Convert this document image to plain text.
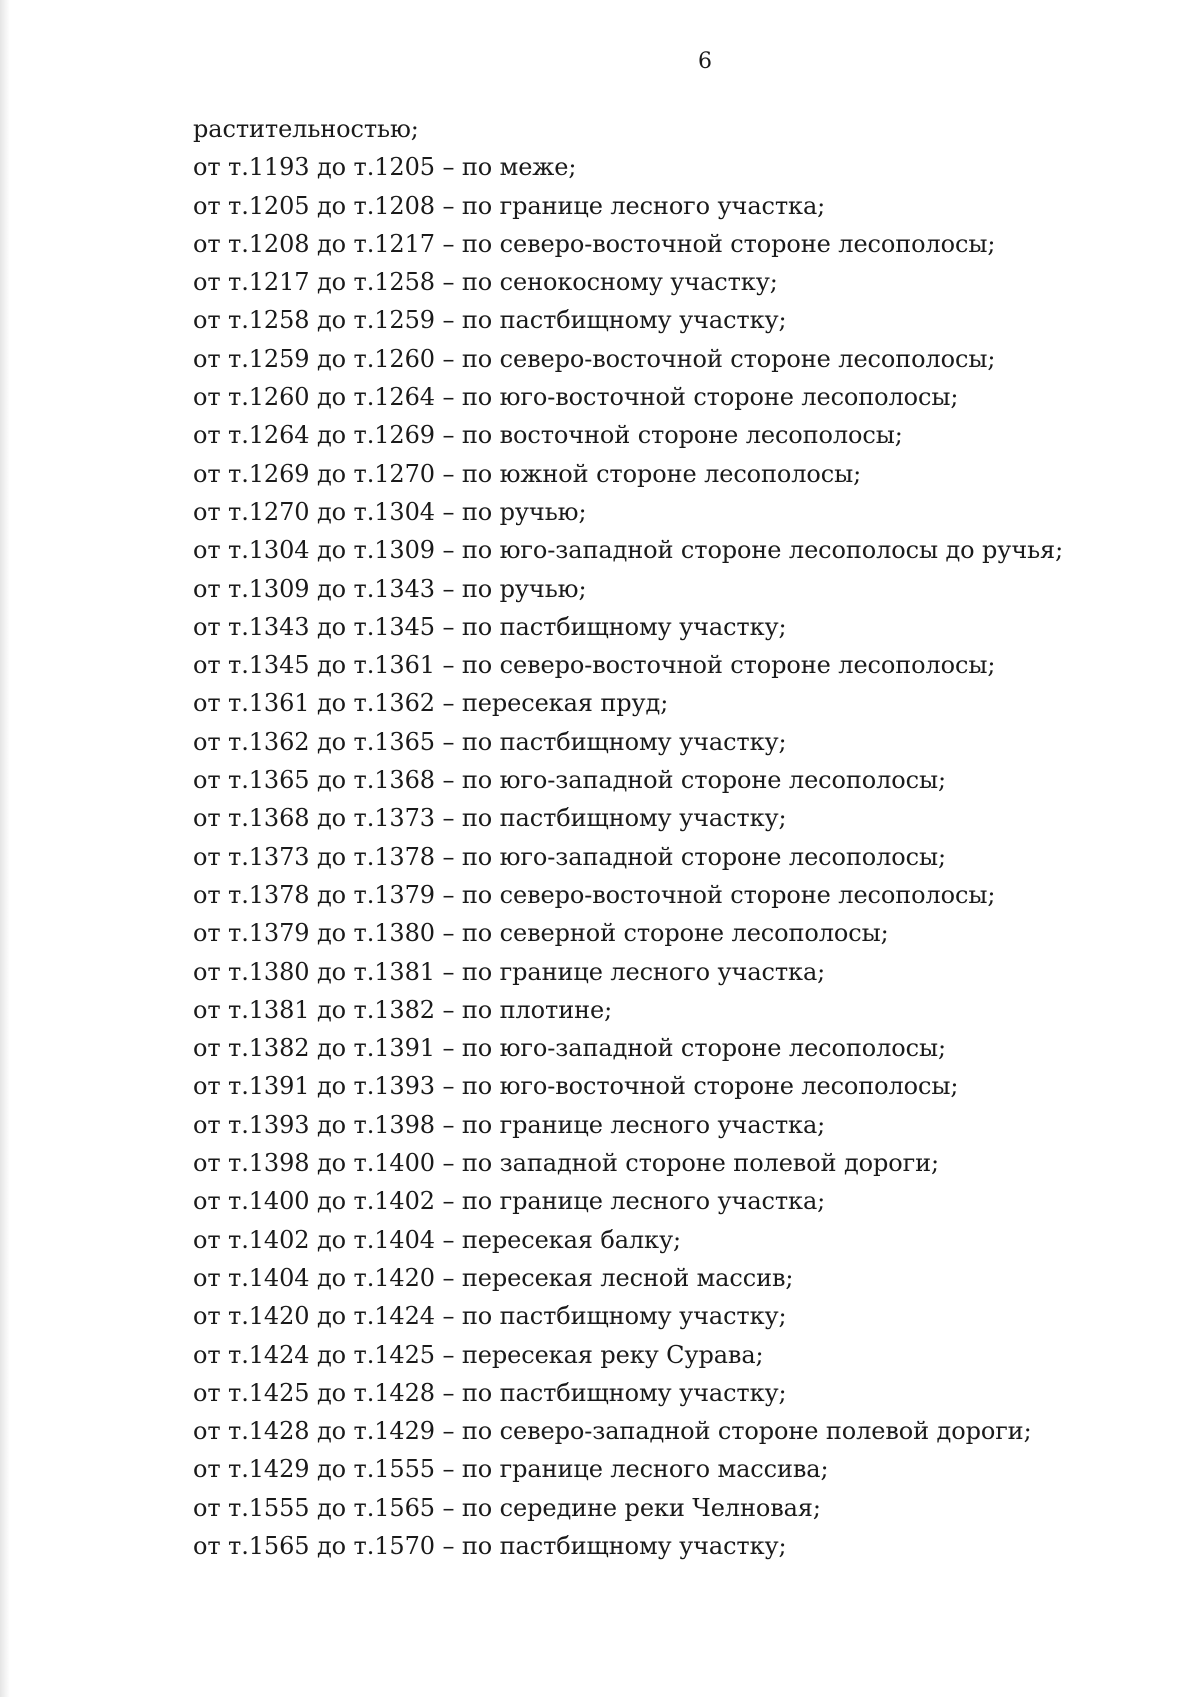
6
растительностью;
от т.1193 до т.1205 – по меже;
от т.1205 до т.1208 – по границе лесного участка;
от т.1208 до т.1217 – по северо-восточной стороне лесополосы;
от т.1217 до т.1258 – по сенокосному участку;
от т.1258 до т.1259 – по пастбищному участку;
от т.1259 до т.1260 – по северо-восточной стороне лесополосы;
от т.1260 до т.1264 – по юго-восточной стороне лесополосы;
от т.1264 до т.1269 – по восточной стороне лесополосы;
от т.1269 до т.1270 – по южной стороне лесополосы;
от т.1270 до т.1304 – по ручью;
от т.1304 до т.1309 – по юго-западной стороне лесополосы до ручья;
от т.1309 до т.1343 – по ручью;
от т.1343 до т.1345 – по пастбищному участку;
от т.1345 до т.1361 – по северо-восточной стороне лесополосы;
от т.1361 до т.1362 – пересекая пруд;
от т.1362 до т.1365 – по пастбищному участку;
от т.1365 до т.1368 – по юго-западной стороне лесополосы;
от т.1368 до т.1373 – по пастбищному участку;
от т.1373 до т.1378 – по юго-западной стороне лесополосы;
от т.1378 до т.1379 – по северо-восточной стороне лесополосы;
от т.1379 до т.1380 – по северной стороне лесополосы;
от т.1380 до т.1381 – по границе лесного участка;
от т.1381 до т.1382 – по плотине;
от т.1382 до т.1391 – по юго-западной стороне лесополосы;
от т.1391 до т.1393 – по юго-восточной стороне лесополосы;
от т.1393 до т.1398 – по границе лесного участка;
от т.1398 до т.1400 – по западной стороне полевой дороги;
от т.1400 до т.1402 – по границе лесного участка;
от т.1402 до т.1404 – пересекая балку;
от т.1404 до т.1420 – пересекая лесной массив;
от т.1420 до т.1424 – по пастбищному участку;
от т.1424 до т.1425 – пересекая реку Сурава;
от т.1425 до т.1428 – по пастбищному участку;
от т.1428 до т.1429 – по северо-западной стороне полевой дороги;
от т.1429 до т.1555 – по границе лесного массива;
от т.1555 до т.1565 – по середине реки Челновая;
от т.1565 до т.1570 – по пастбищному участку;
